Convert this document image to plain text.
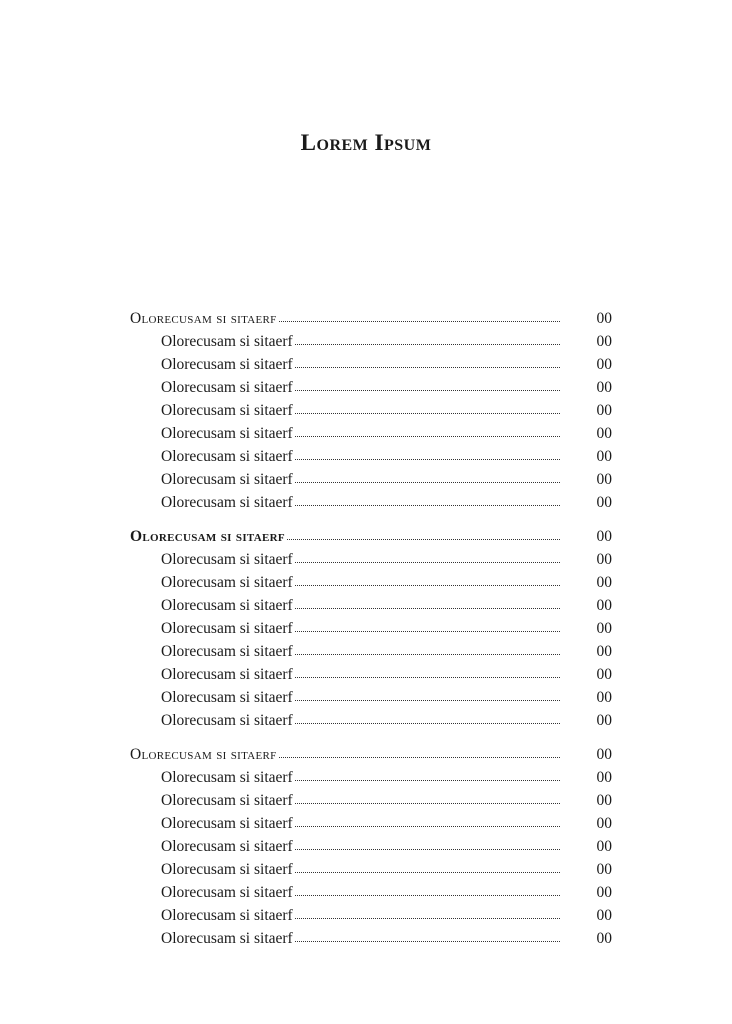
Lorem Ipsum
Olorecusam si sitaerf	00
Olorecusam si sitaerf	00
Olorecusam si sitaerf	00
Olorecusam si sitaerf	00
Olorecusam si sitaerf	00
Olorecusam si sitaerf	00
Olorecusam si sitaerf	00
Olorecusam si sitaerf	00
Olorecusam si sitaerf	00
Olorecusam si sitaerf	00
Olorecusam si sitaerf	00
Olorecusam si sitaerf	00
Olorecusam si sitaerf	00
Olorecusam si sitaerf	00
Olorecusam si sitaerf	00
Olorecusam si sitaerf	00
Olorecusam si sitaerf	00
Olorecusam si sitaerf	00
Olorecusam si sitaerf	00
Olorecusam si sitaerf	00
Olorecusam si sitaerf	00
Olorecusam si sitaerf	00
Olorecusam si sitaerf	00
Olorecusam si sitaerf	00
Olorecusam si sitaerf	00
Olorecusam si sitaerf	00
Olorecusam si sitaerf	00
